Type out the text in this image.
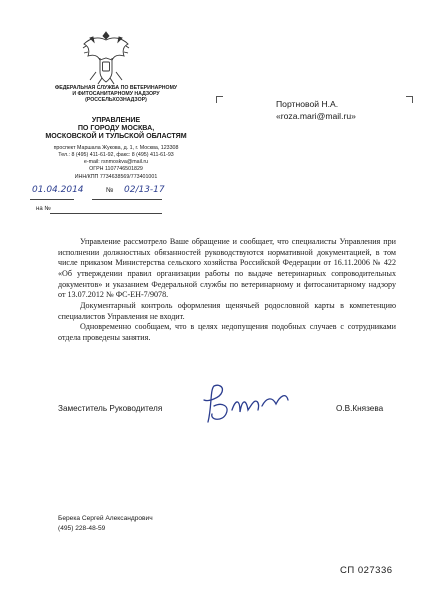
ФЕДЕРАЛЬНАЯ СЛУЖБА ПО ВЕТЕРИНАРНОМУ
И ФИТОСАНИТАРНОМУ НАДЗОРУ
(РОССЕЛЬХОЗНАДЗОР)
УПРАВЛЕНИЕ
ПО ГОРОДУ МОСКВА,
МОСКОВСКОЙ И ТУЛЬСКОЙ ОБЛАСТЯМ
проспект Маршала Жукова, д. 1, г. Москва, 123308
Тел.: 8 (495) 411-61-92, факс: 8 (495) 411-61-93
e-mail: rsnmoskva@mail.ru
ОГРН 1107746501829
ИНН/КПП 7734638569/773401001
01.04.2014	№ 02/13-17
на №
Портновой Н.А.
«roza.mari@mail.ru»

Управление рассмотрело Ваше обращение и сообщает, что специалисты Управления при исполнении должностных обязанностей руководствуются нормативной документацией, в том числе приказом Министерства сельского хозяйства Российской Федерации от 16.11.2006 № 422 «Об утверждении правил организации работы по выдаче ветеринарных сопроводительных документов» и указанием Федеральной службы по ветеринарному и фитосанитарному надзору от 13.07.2012 № ФС-ЕН-7/9078.

Документарный контроль оформления щенячьей родословной карты в компетенцию специалистов Управления не входит.

Одновременно сообщаем, что в целях недопущения подобных случаев с сотрудниками отдела проведены занятия.

Заместитель Руководителя	О.В.Князева
Берека Сергей Александрович
(495) 228-48-59
СП 027336
